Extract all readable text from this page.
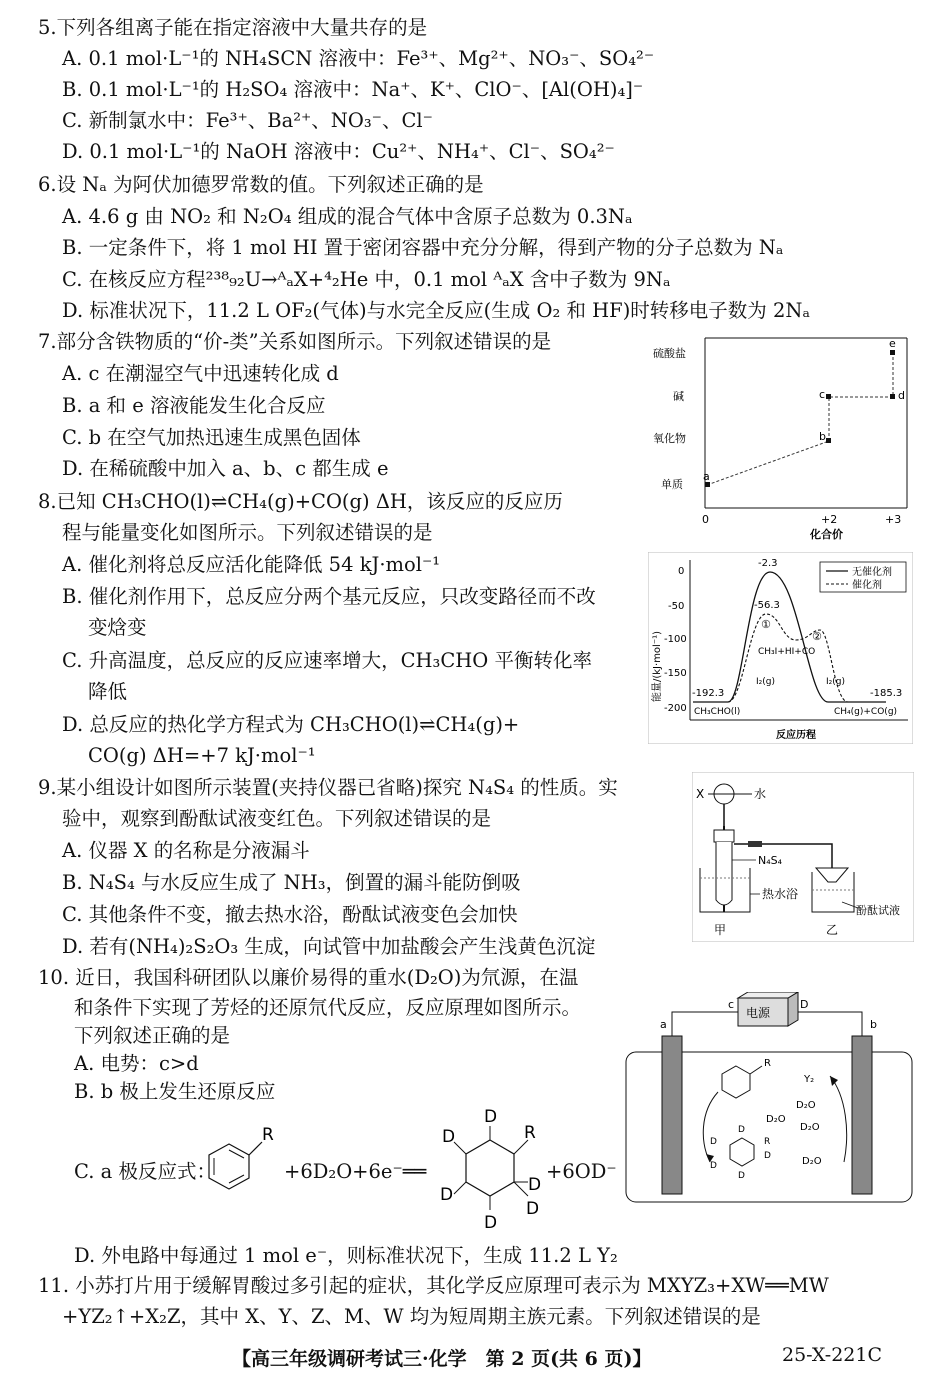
5.下列各组离子能在指定溶液中大量共存的是
A. 0.1 mol·L⁻¹的 NH₄SCN 溶液中：Fe³⁺、Mg²⁺、NO₃⁻、SO₄²⁻
B. 0.1 mol·L⁻¹的 H₂SO₄ 溶液中：Na⁺、K⁺、ClO⁻、[Al(OH)₄]⁻
C. 新制氯水中：Fe³⁺、Ba²⁺、NO₃⁻、Cl⁻
D. 0.1 mol·L⁻¹的 NaOH 溶液中：Cu²⁺、NH₄⁺、Cl⁻、SO₄²⁻
6.设 Nₐ 为阿伏加德罗常数的值。下列叙述正确的是
A. 4.6 g 由 NO₂ 和 N₂O₄ 组成的混合气体中含原子总数为 0.3Nₐ
B. 一定条件下，将 1 mol HI 置于密闭容器中充分分解，得到产物的分子总数为 Nₐ
C. 在核反应方程²³⁸₉₂U→ᴬₐX+⁴₂He 中，0.1 mol ᴬₐX 含中子数为 9Nₐ
D. 标准状况下，11.2 L OF₂(气体)与水完全反应(生成 O₂ 和 HF)时转移电子数为 2Nₐ
7.部分含铁物质的“价-类”关系如图所示。下列叙述错误的是
A. c 在潮湿空气中迅速转化成 d
B. a 和 e 溶液能发生化合反应
C. b 在空气加热迅速生成黑色固体
D. 在稀硫酸中加入 a、b、c 都生成 e
硫酸盐
碱
氧化物
单质
0	+2	+3
化合价
a
b
c	d
e
8.已知 CH₃CHO(l)⇌CH₄(g)+CO(g) ΔH，该反应的反应历
程与能量变化如图所示。下列叙述错误的是
A. 催化剂将总反应活化能降低 54 kJ·mol⁻¹
B. 催化剂作用下，总反应分两个基元反应，只改变路径而不改
变焓变
C. 升高温度，总反应的反应速率增大，CH₃CHO 平衡转化率
降低
D. 总反应的热化学方程式为 CH₃CHO(l)⇌CH₄(g)+
CO(g) ΔH=+7 kJ·mol⁻¹
能量/(kJ·mol⁻¹)
0
-50
-100
-150
-200
-2.3
-56.3
-192.3	-185.3
①
②
CH₃I+HI+CO
I₂(g)	I₂(g)
CH₃CHO(l)	CH₄(g)+CO(g)
无催化剂
催化剂
反应历程
9.某小组设计如图所示装置(夹持仪器已省略)探究 N₄S₄ 的性质。实
验中，观察到酚酞试液变红色。下列叙述错误的是
A. 仪器 X 的名称是分液漏斗
B. N₄S₄ 与水反应生成了 NH₃，倒置的漏斗能防倒吸
C. 其他条件不变，撤去热水浴，酚酞试液变色会加快
D. 若有(NH₄)₂S₂O₃ 生成，向试管中加盐酸会产生浅黄色沉淀
X	水
N₄S₄
热水浴
酚酞试液
甲	乙
10. 近日，我国科研团队以廉价易得的重水(D₂O)为氘源，在温
和条件下实现了芳烃的还原氘代反应，反应原理如图所示。
下列叙述正确的是
A. 电势：c>d
B. b 极上发生还原反应
C. a 极反应式：
R
+6D₂O+6e⁻══
D
R
D
D
D
D
D
+6OD⁻
D. 外电路中每通过 1 mol e⁻，则标准状况下，生成 11.2 L Y₂
电源
c	D
a	b
R
D
D
R
D
D
D
Y₂
D₂O
D₂O
D₂O
D₂O
11. 小苏打片用于缓解胃酸过多引起的症状，其化学反应原理可表示为 MXYZ₃+XW══MW
+YZ₂↑+X₂Z，其中 X、Y、Z、M、W 均为短周期主族元素。下列叙述错误的是
【高三年级调研考试三·化学　第 2 页(共 6 页)】	25-X-221C
